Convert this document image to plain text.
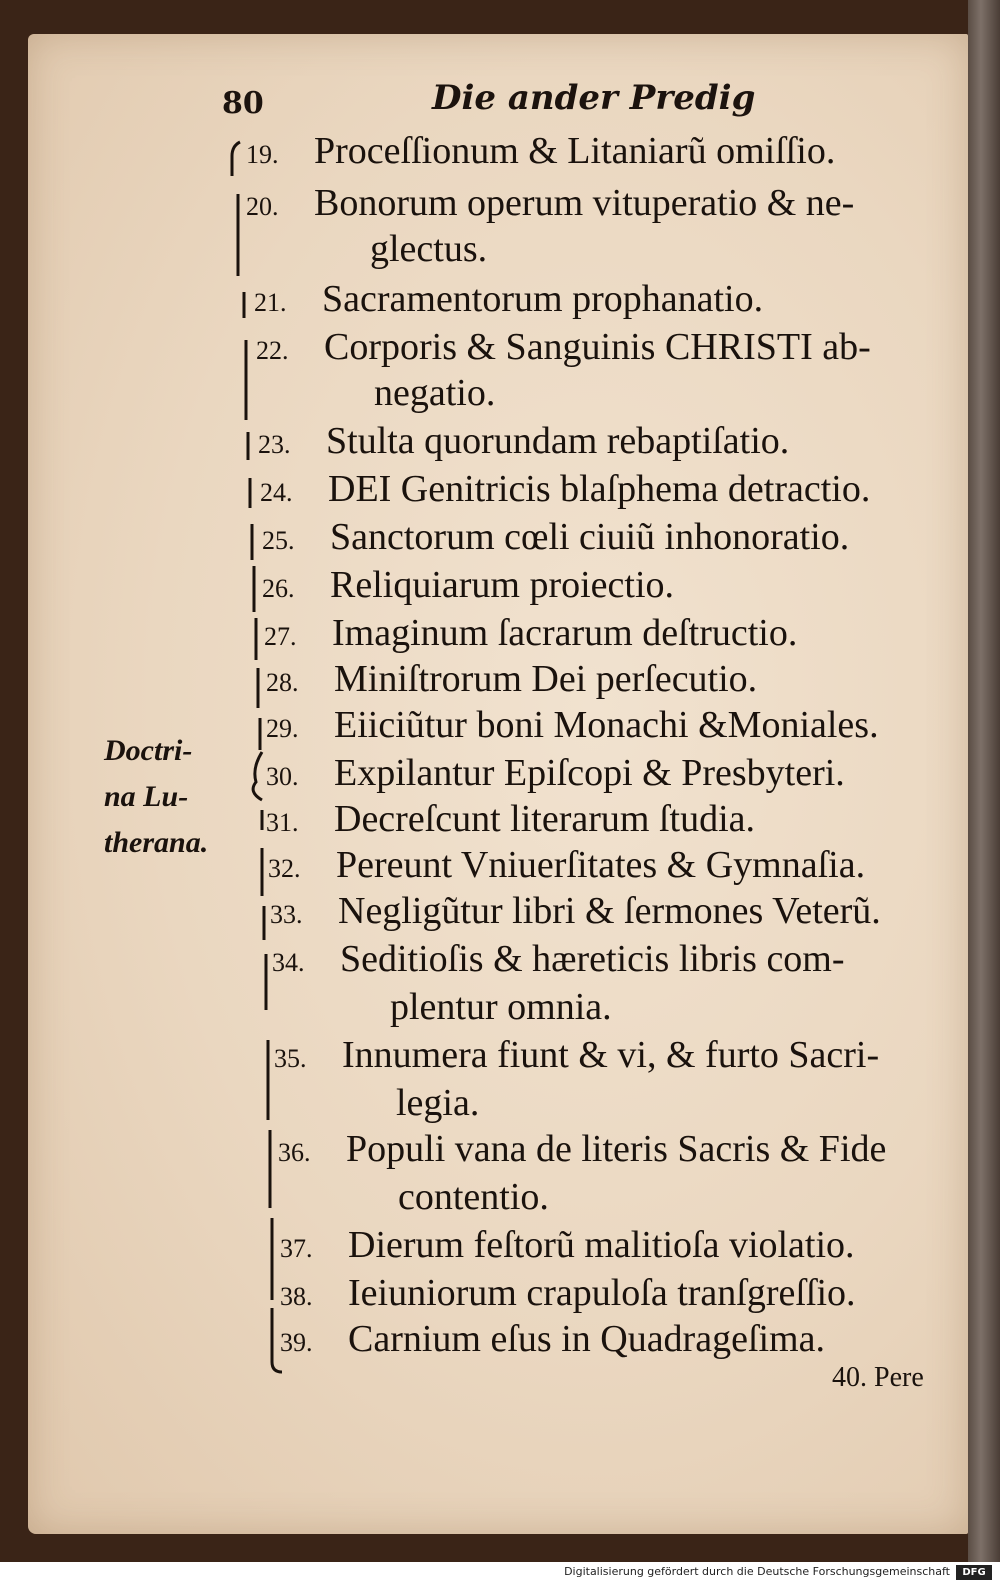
80	Die ander Predig
19. Proceſſionum & Litaniarũ omiſſio.
20. Bonorum operum vituperatio & ne-
glectus.
21. Sacramentorum prophanatio.
22. Corporis & Sanguinis CHRISTI ab-
negatio.
23. Stulta quorundam rebaptiſatio.
24. DEI Genitricis blaſphema detractio.
25. Sanctorum cœli ciuiũ inhonoratio.
26. Reliquiarum proiectio.
27. Imaginum ſacrarum deſtructio.
28. Miniſtrorum Dei perſecutio.
29. Eiiciũtur boni Monachi &Moniales.
30. Expilantur Epiſcopi & Presbyteri.
31. Decreſcunt literarum ſtudia.
32. Pereunt Vniuerſitates & Gymnaſia.
33. Negligũtur libri & ſermones Veterũ.
34. Seditioſis & hæreticis libris com-
plentur omnia.
35. Innumera fiunt & vi, & furto Sacri-
legia.
36. Populi vana de literis Sacris & Fide
contentio.
37. Dierum feſtorũ malitioſa violatio.
38. Ieiuniorum crapuloſa tranſgreſſio.
39. Carnium eſus in Quadrageſima.
Doctri-
na Lu-
therana.
40. Pere
Digitalisierung gefördert durch die Deutsche Forschungsgemeinschaft	DFG
